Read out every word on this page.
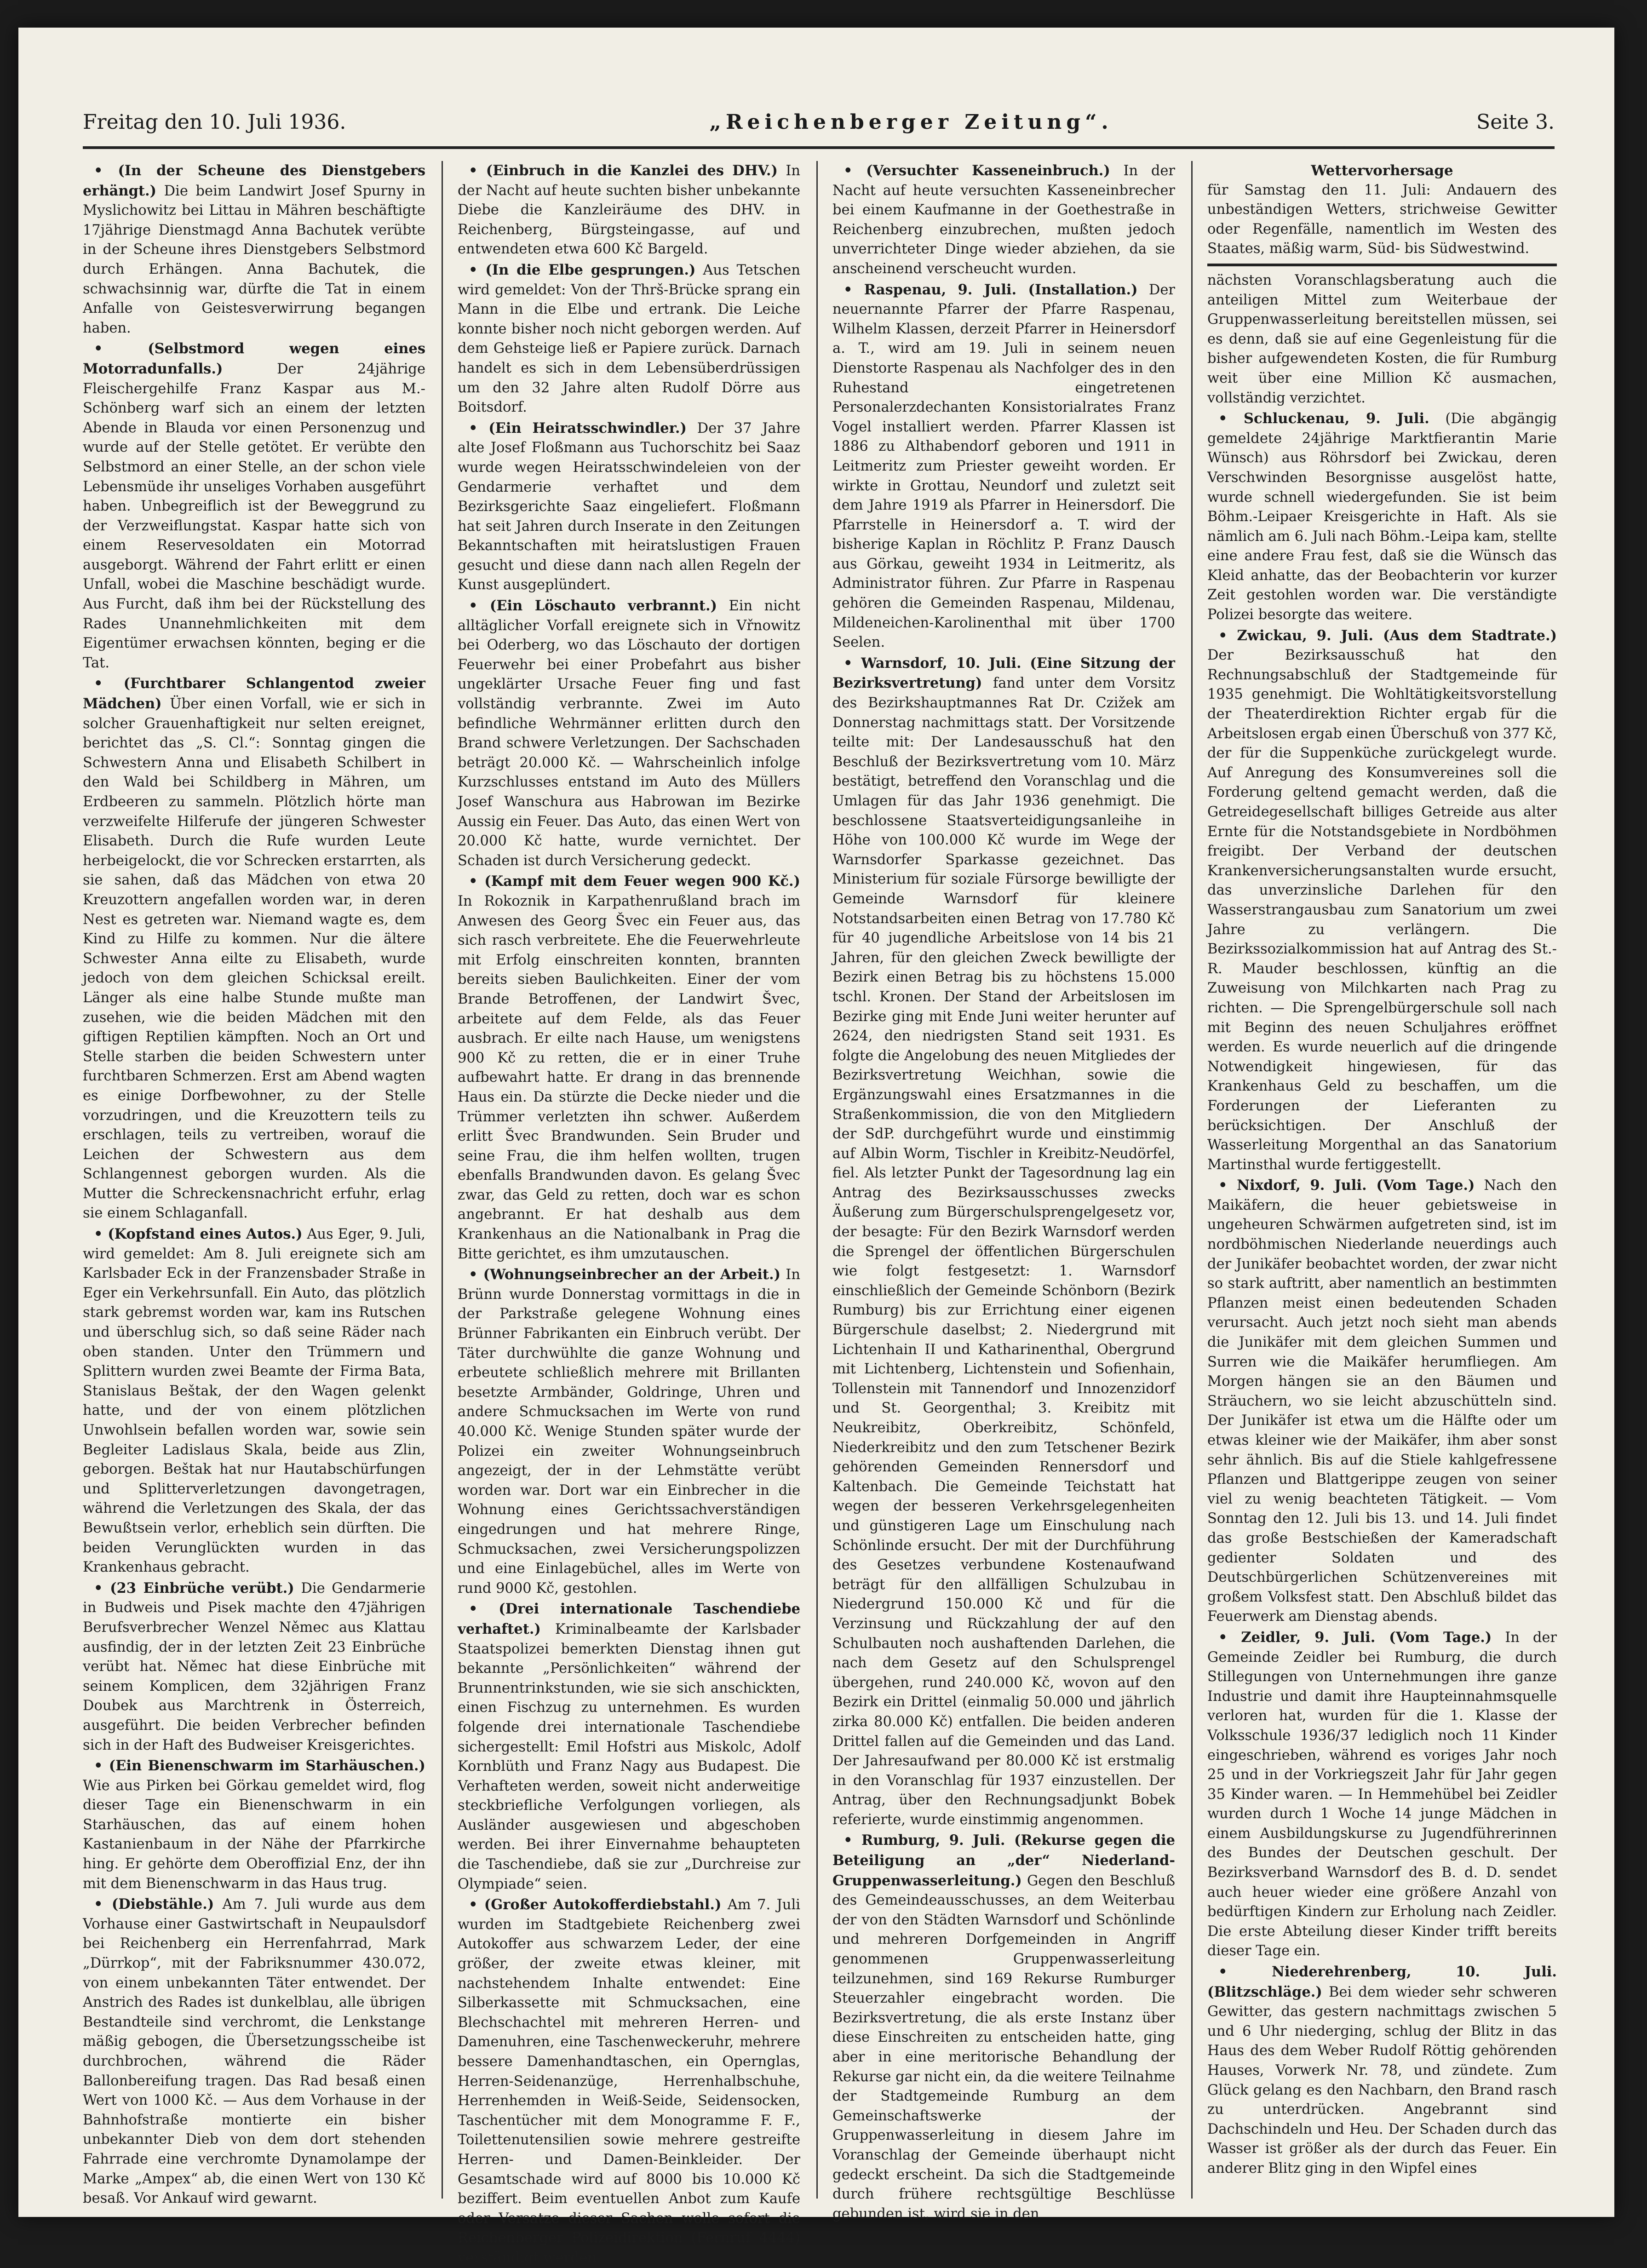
Freitag den 10. Juli 1936.	„Reichenberger Zeitung“.	Seite 3.

• (In der Scheune des Dienstgebers erhängt.) Die beim Landwirt Josef Spurny in Myslichowitz bei Littau in Mähren beschäftigte 17jährige Dienstmagd Anna Bachutek verübte in der Scheune ihres Dienstgebers Selbstmord durch Erhängen. Anna Bachutek, die schwachsinnig war, dürfte die Tat in einem Anfalle von Geistesverwirrung begangen haben.

• (Selbstmord wegen eines Motorradunfalls.)	Der 24jährige Fleischergehilfe Franz Kaspar aus M.-Schönberg warf sich an einem der letzten Abende in Blauda vor einen Personenzug und wurde auf der Stelle getötet. Er verübte den Selbstmord an einer Stelle, an der schon viele Lebensmüde ihr unseliges Vorhaben ausgeführt haben. Unbegreiflich ist der Beweggrund zu der Verzweiflungstat. Kaspar hatte sich von einem Reservesoldaten ein Motorrad ausgeborgt. Während der Fahrt erlitt er einen Unfall, wobei die Maschine beschädigt wurde. Aus Furcht, daß ihm bei der Rückstellung des Rades Unannehmlichkeiten mit dem Eigentümer erwachsen könnten, beging er die Tat.

• (Furchtbarer Schlangentod zweier Mädchen) Über einen Vorfall, wie er sich in solcher Grauenhaftigkeit nur selten ereignet, berichtet das „S. Cl.“: Sonntag gingen die Schwestern Anna und Elisabeth Schilbert in den Wald bei Schildberg in Mähren, um Erdbeeren zu sammeln. Plötzlich hörte man verzweifelte Hilferufe der jüngeren Schwester Elisabeth. Durch die Rufe wurden Leute herbeigelockt, die vor Schrecken erstarrten, als sie sahen, daß das Mädchen von etwa 20 Kreuzottern angefallen worden war, in deren Nest es getreten war. Niemand wagte es, dem Kind zu Hilfe zu kommen. Nur die ältere Schwester Anna eilte zu Elisabeth, wurde jedoch von dem gleichen Schicksal ereilt. Länger als eine halbe Stunde mußte man zusehen, wie die beiden Mädchen mit den giftigen Reptilien kämpften. Noch an Ort und Stelle starben die beiden Schwestern unter furchtbaren Schmerzen. Erst am Abend wagten es einige Dorfbewohner, zu der Stelle vorzudringen, und die Kreuzottern teils zu erschlagen, teils zu vertreiben, worauf die Leichen der Schwestern aus dem Schlangennest geborgen wurden. Als die Mutter die Schreckensnachricht erfuhr, erlag sie einem Schlaganfall.

• (Kopfstand eines Autos.) Aus Eger, 9. Juli, wird gemeldet: Am 8. Juli ereignete sich am Karlsbader Eck in der Franzensbader Straße in Eger ein Verkehrsunfall. Ein Auto, das plötzlich stark gebremst worden war, kam ins Rutschen und überschlug sich, so daß seine Räder nach oben standen. Unter den Trümmern und Splittern wurden zwei Beamte der Firma Bata, Stanislaus Beštak, der den Wagen gelenkt hatte, und der von einem plötzlichen Unwohlsein befallen worden war, sowie sein Begleiter Ladislaus Skala, beide aus Zlin, geborgen. Beštak hat nur Hautabschürfungen und Splitterverletzungen davongetragen, während die Verletzungen des Skala, der das Bewußtsein verlor, erheblich sein dürften. Die beiden Verunglückten wurden in das Krankenhaus gebracht.

• (23 Einbrüche verübt.) Die Gendarmerie in Budweis und Pisek machte den 47jährigen Berufsverbrecher Wenzel Němec aus Klattau ausfindig, der in der letzten Zeit 23 Einbrüche verübt hat. Němec hat diese Einbrüche mit seinem Komplicen, dem 32jährigen Franz Doubek aus Marchtrenk in Österreich, ausgeführt. Die beiden Verbrecher befinden sich in der Haft des Budweiser Kreisgerichtes.

• (Ein Bienenschwarm im Starhäuschen.) Wie aus Pirken bei Görkau gemeldet wird, flog dieser Tage ein Bienenschwarm in ein Starhäuschen, das auf einem hohen Kastanienbaum in der Nähe der Pfarrkirche hing. Er gehörte dem Oberoffizial Enz, der ihn mit dem Bienenschwarm in das Haus trug.

• (Diebstähle.) Am 7. Juli wurde aus dem Vorhause einer Gastwirtschaft in Neupaulsdorf bei Reichenberg ein Herrenfahrrad, Mark „Dürrkop“, mit der Fabriksnummer 430.072, von einem unbekannten Täter entwendet. Der Anstrich des Rades ist dunkelblau, alle übrigen Bestandteile sind verchromt, die Lenkstange mäßig gebogen, die Übersetzungsscheibe ist durchbrochen, während die Räder Ballonbereifung tragen. Das Rad besaß einen Wert von 1000 Kč. — Aus dem Vorhause in der Bahnhofstraße montierte ein bisher unbekannter Dieb von dem dort stehenden Fahrrade eine verchromte Dynamolampe der Marke „Ampex“ ab, die einen Wert von 130 Kč besaß. Vor Ankauf wird gewarnt.

• (Einbruch in die Kanzlei des DHV.) In der Nacht auf heute suchten bisher unbekannte Diebe die Kanzleiräume des DHV. in Reichenberg, Bürgsteingasse, auf und entwendeten etwa 600 Kč Bargeld.

• (In die Elbe gesprungen.) Aus Tetschen wird gemeldet: Von der Thrš-Brücke sprang ein Mann in die Elbe und ertrank. Die Leiche konnte bisher noch nicht geborgen werden. Auf dem Gehsteige ließ er Papiere zurück. Darnach handelt es sich in dem Lebensüberdrüssigen um den 32 Jahre alten Rudolf Dörre aus Boitsdorf.

• (Ein Heiratsschwindler.) Der 37 Jahre alte Josef Floßmann aus Tuchorschitz bei Saaz wurde wegen Heiratsschwindeleien von der Gendarmerie verhaftet und dem Bezirksgerichte Saaz eingeliefert. Floßmann hat seit Jahren durch Inserate in den Zeitungen Bekanntschaften mit heiratslustigen Frauen gesucht und diese dann nach allen Regeln der Kunst ausgeplündert.

• (Ein Löschauto verbrannt.) Ein nicht alltäglicher Vorfall ereignete sich in Vřnowitz bei Oderberg, wo das Löschauto der dortigen Feuerwehr bei einer Probefahrt aus bisher ungeklärter Ursache Feuer fing und fast vollständig verbrannte. Zwei im Auto befindliche Wehrmänner erlitten durch den Brand schwere Verletzungen. Der Sachschaden beträgt 20.000 Kč. — Wahrscheinlich infolge Kurzschlusses entstand im Auto des Müllers Josef Wanschura aus Habrowan im Bezirke Aussig ein Feuer. Das Auto, das einen Wert von 20.000 Kč hatte, wurde vernichtet. Der Schaden ist durch Versicherung gedeckt.

• (Kampf mit dem Feuer wegen 900 Kč.) In Rokoznik in Karpathenrußland brach im Anwesen des Georg Švec ein Feuer aus, das sich rasch verbreitete. Ehe die Feuerwehrleute mit Erfolg einschreiten konnten, brannten bereits sieben Baulichkeiten. Einer der vom Brande Betroffenen, der Landwirt Švec, arbeitete auf dem Felde, als das Feuer ausbrach. Er eilte nach Hause, um wenigstens 900 Kč zu retten, die er in einer Truhe aufbewahrt hatte. Er drang in das brennende Haus ein. Da stürzte die Decke nieder und die Trümmer verletzten ihn schwer. Außerdem erlitt Švec Brandwunden. Sein Bruder und seine Frau, die ihm helfen wollten, trugen ebenfalls Brandwunden davon. Es gelang Švec zwar, das Geld zu retten, doch war es schon angebrannt. Er hat deshalb aus dem Krankenhaus an die Nationalbank in Prag die Bitte gerichtet, es ihm umzutauschen.

• (Wohnungseinbrecher an der Arbeit.) In Brünn wurde Donnerstag vormittags in die in der Parkstraße gelegene Wohnung eines Brünner Fabrikanten ein Einbruch verübt. Der Täter durchwühlte die ganze Wohnung und erbeutete schließlich mehrere mit Brillanten besetzte Armbänder, Goldringe, Uhren und andere Schmucksachen im Werte von rund 40.000 Kč. Wenige Stunden später wurde der Polizei ein zweiter Wohnungseinbruch angezeigt, der in der Lehmstätte verübt worden war. Dort war ein Einbrecher in die Wohnung eines Gerichtssachverständigen eingedrungen und hat mehrere Ringe, Schmucksachen, zwei Versicherungspolizzen und eine Einlagebüchel, alles im Werte von rund 9000 Kč, gestohlen.

• (Drei internationale Taschendiebe verhaftet.) Kriminalbeamte der Karlsbader Staatspolizei bemerkten Dienstag ihnen gut bekannte „Persönlichkeiten“ während der Brunnentrinkstunden, wie sie sich anschickten, einen Fischzug zu unternehmen. Es wurden folgende drei internationale Taschendiebe sichergestellt: Emil Hofstri aus Miskolc, Adolf Kornblüth und Franz Nagy aus Budapest. Die Verhafteten werden, soweit nicht anderweitige steckbriefliche Verfolgungen vorliegen, als Ausländer ausgewiesen und abgeschoben werden. Bei ihrer Einvernahme behaupteten die Taschendiebe, daß sie zur „Durchreise zur Olympiade“ seien.

• (Großer Autokofferdiebstahl.) Am 7. Juli wurden im Stadtgebiete Reichenberg zwei Autokoffer aus schwarzem Leder, der eine größer, der zweite etwas kleiner, mit nachstehendem Inhalte entwendet: Eine Silberkassette mit Schmucksachen, eine Blechschachtel mit mehreren Herren- und Damenuhren, eine Taschenweckeruhr, mehrere bessere Damenhandtaschen, ein Opernglas, Herren-Seidenanzüge, Herrenhalbschuhe, Herrenhemden in Weiß-Seide, Seidensocken, Taschentücher mit dem Monogramme F. F., Toilettenutensilien sowie mehrere gestreifte Herren- und Damen-Beinkleider. Der Gesamtschade wird auf 8000 bis 10.000 Kč beziffert. Beim eventuellen Anbot zum Kaufe oder Versatze dieser Sachen wolle sofort die Reichenberger Polizeidirektion (Fernruf 4444) verständigt werden.

• (Versuchter Kasseneinbruch.) In der Nacht auf heute versuchten Kasseneinbrecher bei einem Kaufmanne in der Goethestraße in Reichenberg einzubrechen, mußten jedoch unverrichteter Dinge wieder abziehen, da sie anscheinend verscheucht wurden.

• Raspenau, 9. Juli. (Installation.) Der neuernannte Pfarrer der Pfarre Raspenau, Wilhelm Klassen, derzeit Pfarrer in Heinersdorf a. T., wird am 19. Juli in seinem neuen Dienstorte Raspenau als Nachfolger des in den Ruhestand eingetretenen Personalerzdechanten Konsistorialrates Franz Vogel installiert werden. Pfarrer Klassen ist 1886 zu Althabendorf geboren und 1911 in Leitmeritz zum Priester geweiht worden. Er wirkte in Grottau, Neundorf und zuletzt seit dem Jahre 1919 als Pfarrer in Heinersdorf. Die Pfarrstelle in Heinersdorf a. T. wird der bisherige Kaplan in Röchlitz P. Franz Dausch aus Görkau, geweiht 1934 in Leitmeritz, als Administrator führen. Zur Pfarre in Raspenau gehören die Gemeinden Raspenau, Mildenau, Mildeneichen-Karolinenthal mit über 1700 Seelen.

• Warnsdorf, 10. Juli. (Eine Sitzung der Bezirksvertretung) fand unter dem Vorsitz des Bezirkshauptmannes Rat Dr. Czižek am Donnerstag nachmittags statt. Der Vorsitzende teilte mit: Der Landesausschuß hat den Beschluß der Bezirksvertretung vom 10. März bestätigt, betreffend den Voranschlag und die Umlagen für das Jahr 1936 genehmigt. Die beschlossene Staatsverteidigungsanleihe in Höhe von 100.000 Kč wurde im Wege der Warnsdorfer Sparkasse gezeichnet. Das Ministerium für soziale Fürsorge bewilligte der Gemeinde Warnsdorf für kleinere Notstandsarbeiten einen Betrag von 17.780 Kč für 40 jugendliche Arbeitslose von 14 bis 21 Jahren, für den gleichen Zweck bewilligte der Bezirk einen Betrag bis zu höchstens 15.000 tschl. Kronen. Der Stand der Arbeitslosen im Bezirke ging mit Ende Juni weiter herunter auf 2624, den niedrigsten Stand seit 1931. Es folgte die Angelobung des neuen Mitgliedes der Bezirksvertretung Weichhan, sowie die Ergänzungswahl eines Ersatzmannes in die Straßenkommission, die von den Mitgliedern der SdP. durchgeführt wurde und einstimmig auf Albin Worm, Tischler in Kreibitz-Neudörfel, fiel. Als letzter Punkt der Tagesordnung lag ein Antrag des Bezirksausschusses zwecks Äußerung zum Bürgerschulsprengelgesetz vor, der besagte: Für den Bezirk Warnsdorf werden die Sprengel der öffentlichen Bürgerschulen wie folgt festgesetzt: 1. Warnsdorf einschließlich der Gemeinde Schönborn (Bezirk Rumburg) bis zur Errichtung einer eigenen Bürgerschule daselbst; 2. Niedergrund mit Lichtenhain II und Katharinenthal, Obergrund mit Lichtenberg, Lichtenstein und Sofienhain, Tollenstein mit Tannendorf und Innozenzidorf und St. Georgenthal; 3. Kreibitz mit Neukreibitz, Oberkreibitz, Schönfeld, Niederkreibitz und den zum Tetschener Bezirk gehörenden Gemeinden Rennersdorf und Kaltenbach. Die Gemeinde Teichstatt hat wegen der besseren Verkehrsgelegenheiten und günstigeren Lage um Einschulung nach Schönlinde ersucht. Der mit der Durchführung des Gesetzes verbundene Kostenaufwand beträgt für den allfälligen Schulzubau in Niedergrund 150.000 Kč und für die Verzinsung und Rückzahlung der auf den Schulbauten noch aushaftenden Darlehen, die nach dem Gesetz auf den Schulsprengel übergehen, rund 240.000 Kč, wovon auf den Bezirk ein Drittel (einmalig 50.000 und jährlich zirka 80.000 Kč) entfallen. Die beiden anderen Drittel fallen auf die Gemeinden und das Land. Der Jahresaufwand per 80.000 Kč ist erstmalig in den Voranschlag für 1937 einzustellen. Der Antrag, über den Rechnungsadjunkt Bobek referierte, wurde einstimmig angenommen.

• Rumburg, 9. Juli. (Rekurse gegen die Beteiligung an „der“ Niederland-Gruppenwasserleitung.) Gegen den Beschluß des Gemeindeausschusses, an dem Weiterbau der von den Städten Warnsdorf und Schönlinde und mehreren Dorfgemeinden in Angriff genommenen Gruppenwasserleitung teilzunehmen, sind 169 Rekurse Rumburger Steuerzahler eingebracht worden. Die Bezirksvertretung, die als erste Instanz über diese Einschreiten zu entscheiden hatte, ging aber in eine meritorische Behandlung der Rekurse gar nicht ein, da die weitere Teilnahme der Stadtgemeinde Rumburg an dem Gemeinschaftswerke der Gruppenwasserleitung in diesem Jahre im Voranschlag der Gemeinde überhaupt nicht gedeckt erscheint. Da sich die Stadtgemeinde durch frühere rechtsgültige Beschlüsse gebunden ist, wird sie in den

Wettervorhersage
für Samstag den 11. Juli: Andauern des unbeständigen Wetters, strichweise Gewitter oder Regenfälle, namentlich im Westen des Staates, mäßig warm, Süd- bis Südwestwind.
nächsten Voranschlagsberatung auch die anteiligen Mittel zum Weiterbaue der Gruppenwasserleitung bereitstellen müssen, sei es denn, daß sie auf eine Gegenleistung für die bisher aufgewendeten Kosten, die für Rumburg weit über eine Million Kč ausmachen, vollständig verzichtet.

• Schluckenau, 9. Juli. (Die abgängig gemeldete 24jährige Marktfierantin Marie Wünsch) aus Röhrsdorf bei Zwickau, deren Verschwinden Besorgnisse ausgelöst hatte, wurde schnell wiedergefunden. Sie ist beim Böhm.-Leipaer Kreisgerichte in Haft. Als sie nämlich am 6. Juli nach Böhm.-Leipa kam, stellte eine andere Frau fest, daß sie die Wünsch das Kleid anhatte, das der Beobachterin vor kurzer Zeit gestohlen worden war. Die verständigte Polizei besorgte das weitere.

• Zwickau, 9. Juli. (Aus dem Stadtrate.) Der Bezirksausschuß hat den Rechnungsabschluß der Stadtgemeinde für 1935 genehmigt. Die Wohltätigkeitsvorstellung der Theaterdirektion Richter ergab für die Arbeitslosen ergab einen Überschuß von 377 Kč, der für die Suppenküche zurückgelegt wurde. Auf Anregung des Konsumvereines soll die Forderung geltend gemacht werden, daß die Getreidegesellschaft billiges Getreide aus alter Ernte für die Notstandsgebiete in Nordböhmen freigibt. Der Verband der deutschen Krankenversicherungsanstalten wurde ersucht, das unverzinsliche Darlehen für den Wasserstrangausbau zum Sanatorium um zwei Jahre zu verlängern. Die Bezirkssozialkommission hat auf Antrag des St.-R. Mauder beschlossen, künftig an die Zuweisung von Milchkarten nach Prag zu richten. — Die Sprengelbürgerschule soll nach mit Beginn des neuen Schuljahres eröffnet werden. Es wurde neuerlich auf die dringende Notwendigkeit hingewiesen, für das Krankenhaus Geld zu beschaffen, um die Forderungen der Lieferanten zu berücksichtigen. Der Anschluß der Wasserleitung Morgenthal an das Sanatorium Martinsthal wurde fertiggestellt.

• Nixdorf, 9. Juli. (Vom Tage.) Nach den Maikäfern, die heuer gebietsweise in ungeheuren Schwärmen aufgetreten sind, ist im nordböhmischen Niederlande neuerdings auch der Junikäfer beobachtet worden, der zwar nicht so stark auftritt, aber namentlich an bestimmten Pflanzen meist einen bedeutenden Schaden verursacht. Auch jetzt noch sieht man abends die Junikäfer mit dem gleichen Summen und Surren wie die Maikäfer herumfliegen. Am Morgen hängen sie an den Bäumen und Sträuchern, wo sie leicht abzuschütteln sind. Der Junikäfer ist etwa um die Hälfte oder um etwas kleiner wie der Maikäfer, ihm aber sonst sehr ähnlich. Bis auf die Stiele kahlgefressene Pflanzen und Blattgerippe zeugen von seiner viel zu wenig beachteten Tätigkeit. — Vom Sonntag den 12. Juli bis 13. und 14. Juli findet das große Bestschießen der Kameradschaft gedienter Soldaten und des Deutschbürgerlichen Schützenvereines mit großem Volksfest statt. Den Abschluß bildet das Feuerwerk am Dienstag abends.

• Zeidler, 9. Juli. (Vom Tage.) In der Gemeinde Zeidler bei Rumburg, die durch Stillegungen von Unternehmungen ihre ganze Industrie und damit ihre Haupteinnahmsquelle verloren hat, wurden für die 1. Klasse der Volksschule 1936/37 lediglich noch 11 Kinder eingeschrieben, während es voriges Jahr noch 25 und in der Vorkriegszeit Jahr für Jahr gegen 35 Kinder waren. — In Hemmehübel bei Zeidler wurden durch 1 Woche 14 junge Mädchen in einem Ausbildungskurse zu Jugendführerinnen des Bundes der Deutschen geschult. Der Bezirksverband Warnsdorf des B. d. D. sendet auch heuer wieder eine größere Anzahl von bedürftigen Kindern zur Erholung nach Zeidler. Die erste Abteilung dieser Kinder trifft bereits dieser Tage ein.

• Niederehrenberg, 10. Juli. (Blitzschläge.) Bei dem wieder sehr schweren Gewitter, das gestern nachmittags zwischen 5 und 6 Uhr niederging, schlug der Blitz in das Haus des dem Weber Rudolf Röttig gehörenden Hauses, Vorwerk Nr. 78, und zündete. Zum Glück gelang es den Nachbarn, den Brand rasch zu unterdrücken. Angebrannt sind Dachschindeln und Heu. Der Schaden durch das Wasser ist größer als der durch das Feuer. Ein anderer Blitz ging in den Wipfel eines
